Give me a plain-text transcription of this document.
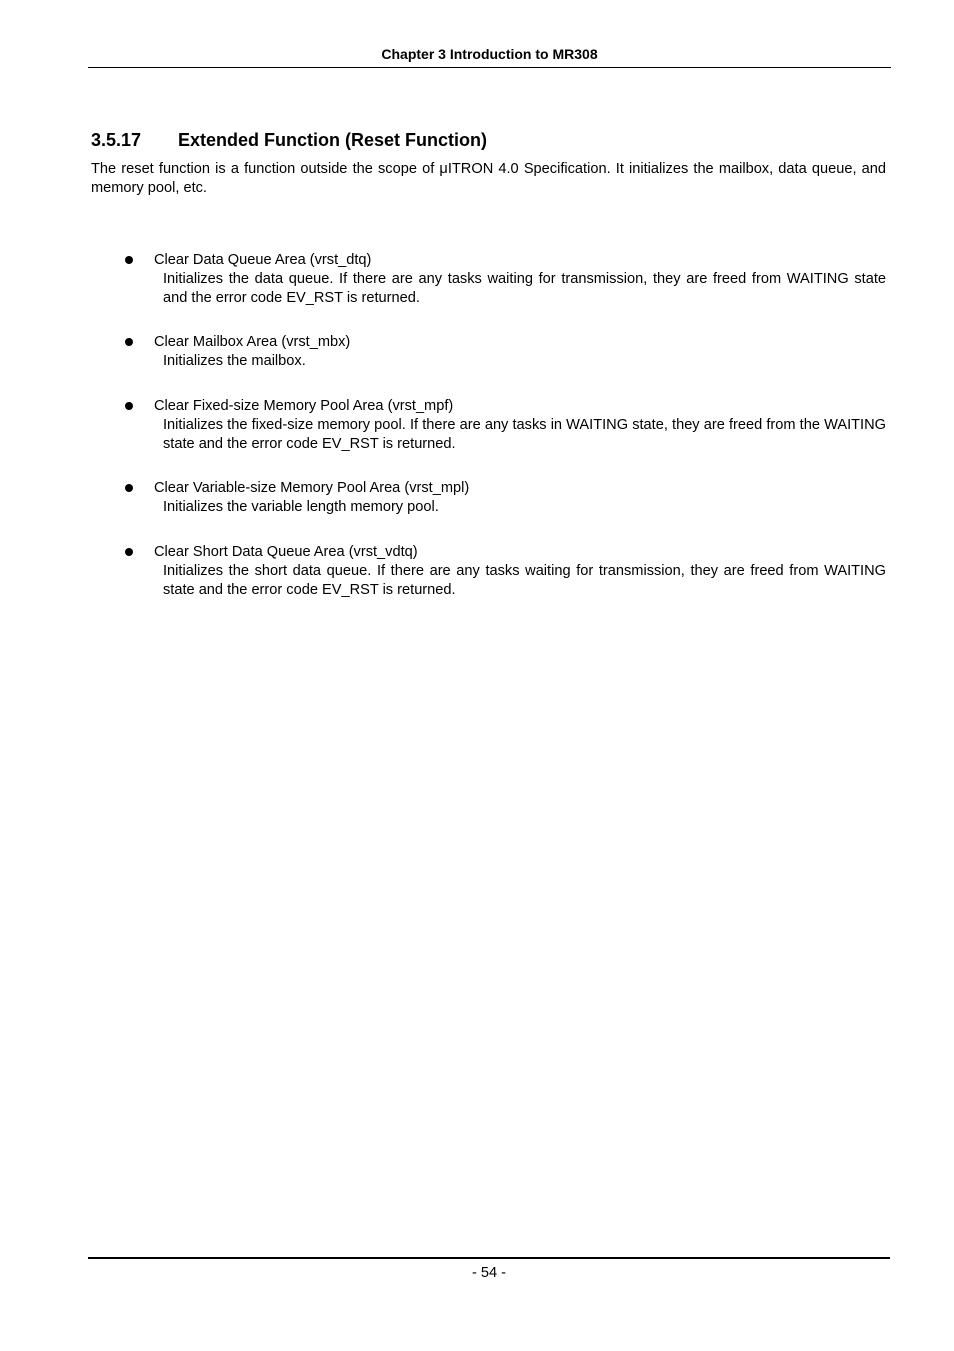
Chapter 3 Introduction to MR308
3.5.17 Extended Function (Reset Function)

The reset function is a function outside the scope of μITRON 4.0 Specification. It initializes the mailbox, data queue, and memory pool, etc.

Clear Data Queue Area (vrst_dtq)

Initializes the data queue. If there are any tasks waiting for transmission, they are freed from WAITING state and the error code EV_RST is returned.

Clear Mailbox Area (vrst_mbx)

Initializes the mailbox.

Clear Fixed-size Memory Pool Area (vrst_mpf)

Initializes the fixed-size memory pool. If there are any tasks in WAITING state, they are freed from the WAITING state and the error code EV_RST is returned.

Clear Variable-size Memory Pool Area (vrst_mpl)

Initializes the variable length memory pool.

Clear Short Data Queue Area (vrst_vdtq)

Initializes the short data queue. If there are any tasks waiting for transmission, they are freed from WAITING state and the error code EV_RST is returned.

- 54 -
